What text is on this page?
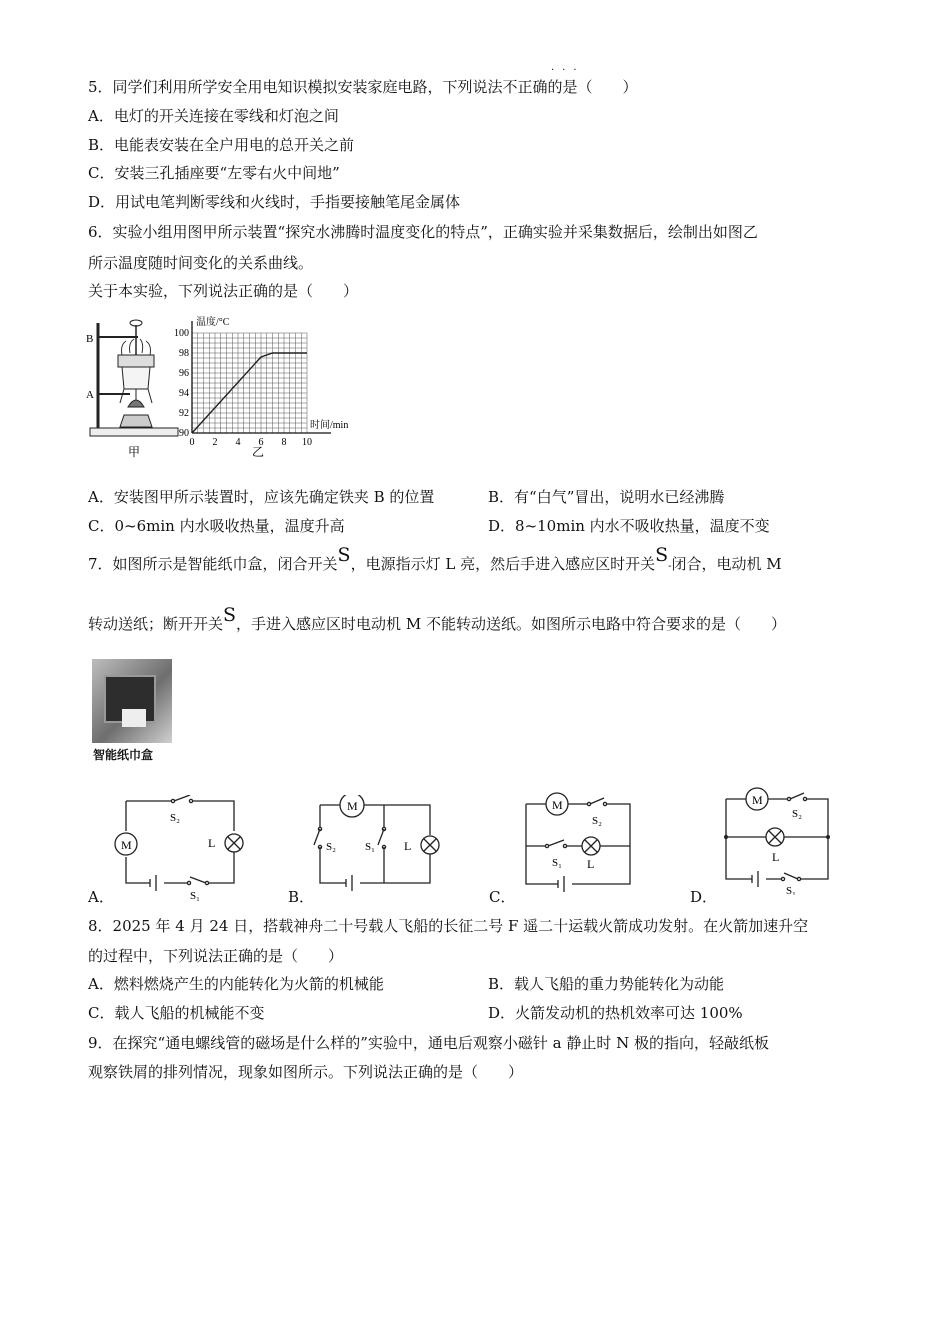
···
5．同学们利用所学安全用电知识模拟安装家庭电路，下列说法不正确的是（　　）
A．电灯的开关连接在零线和灯泡之间
B．电能表安装在全户用电的总开关之前
C．安装三孔插座要“左零右火中间地”
D．用试电笔判断零线和火线时，手指要接触笔尾金属体
6．实验小组用图甲所示装置“探究水沸腾时温度变化的特点”，正确实验并采集数据后，绘制出如图乙
所示温度随时间变化的关系曲线。
关于本实验，下列说法正确的是（　　）
B
A
甲
100
98
96
94
92
90
0 2 4 6 8 10
温度/°C
时间/min
乙
A．安装图甲所示装置时，应该先确定铁夹 B 的位置	B．有“白气”冒出，说明水已经沸腾
C．0~6min 内水吸收热量，温度升高	D．8~10min 内水不吸收热量，温度不变
7．如图所示是智能纸巾盒，闭合开关S，电源指示灯 L 亮，然后手进入感应区时开关S-闭合，电动机 M
转动送纸；断开开关S，手进入感应区时电动机 M 不能转动送纸。如图所示电路中符合要求的是（　　）
智能纸巾盒
M	L
S₂
S₁
A．
M
S₂	S₁ L
B．
M
S₂
S₁ L
C．
M
S₂
L
S₁
D．
8．2025 年 4 月 24 日，搭载神舟二十号载人飞船的长征二号 F 遥二十运载火箭成功发射。在火箭加速升空
的过程中，下列说法正确的是（　　）
A．燃料燃烧产生的内能转化为火箭的机械能	B．载人飞船的重力势能转化为动能
C．载人飞船的机械能不变	D．火箭发动机的热机效率可达 100%
9．在探究“通电螺线管的磁场是什么样的”实验中，通电后观察小磁针 a 静止时 N 极的指向，轻敲纸板
观察铁屑的排列情况，现象如图所示。下列说法正确的是（　　）
